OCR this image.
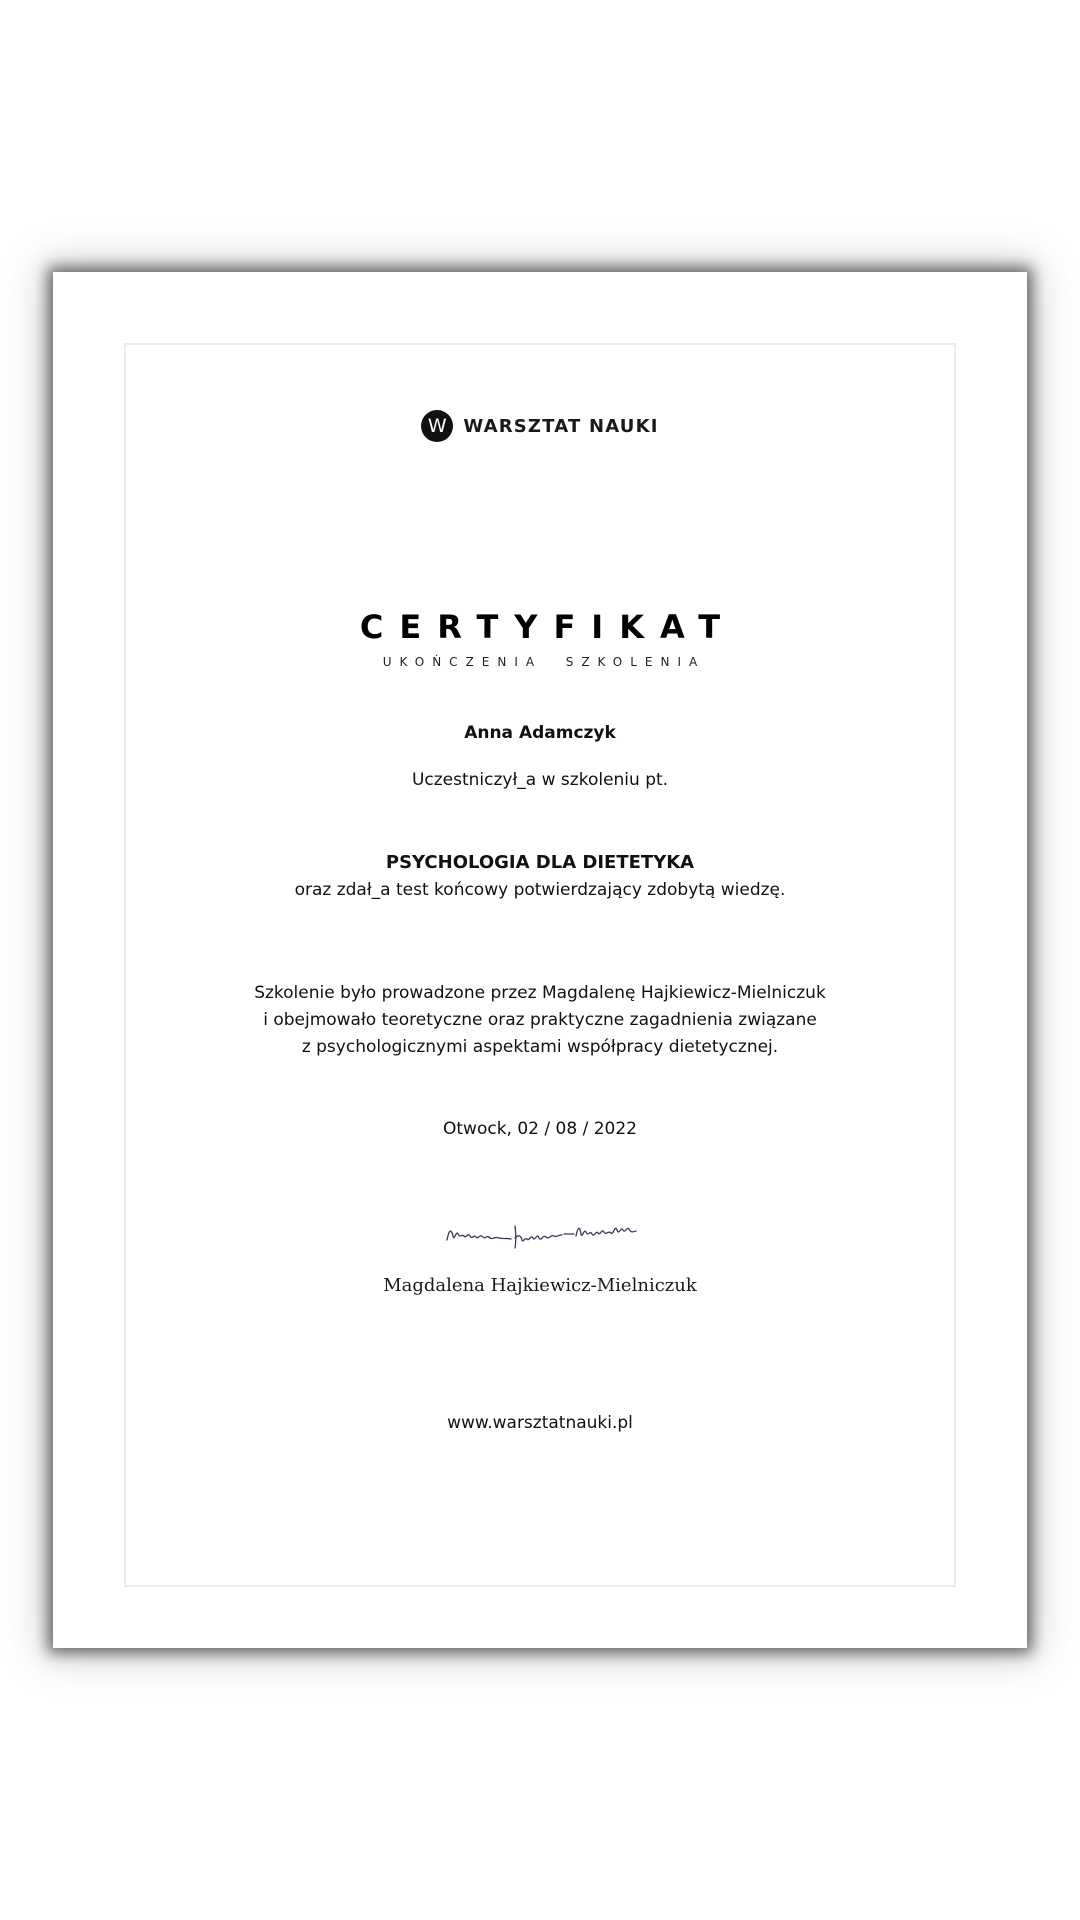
W WARSZTAT NAUKI
CERTYFIKAT
UKOŃCZENIA  SZKOLENIA
Anna Adamczyk
Uczestniczył_a w szkoleniu pt.
PSYCHOLOGIA DLA DIETETYKA
oraz zdał_a test końcowy potwierdzający zdobytą wiedzę.
Szkolenie było prowadzone przez Magdalenę Hajkiewicz-Mielniczuk
i obejmowało teoretyczne oraz praktyczne zagadnienia związane
z psychologicznymi aspektami współpracy dietetycznej.
Otwock, 02 / 08 / 2022
Magdalena Hajkiewicz-Mielniczuk
www.warsztatnauki.pl
